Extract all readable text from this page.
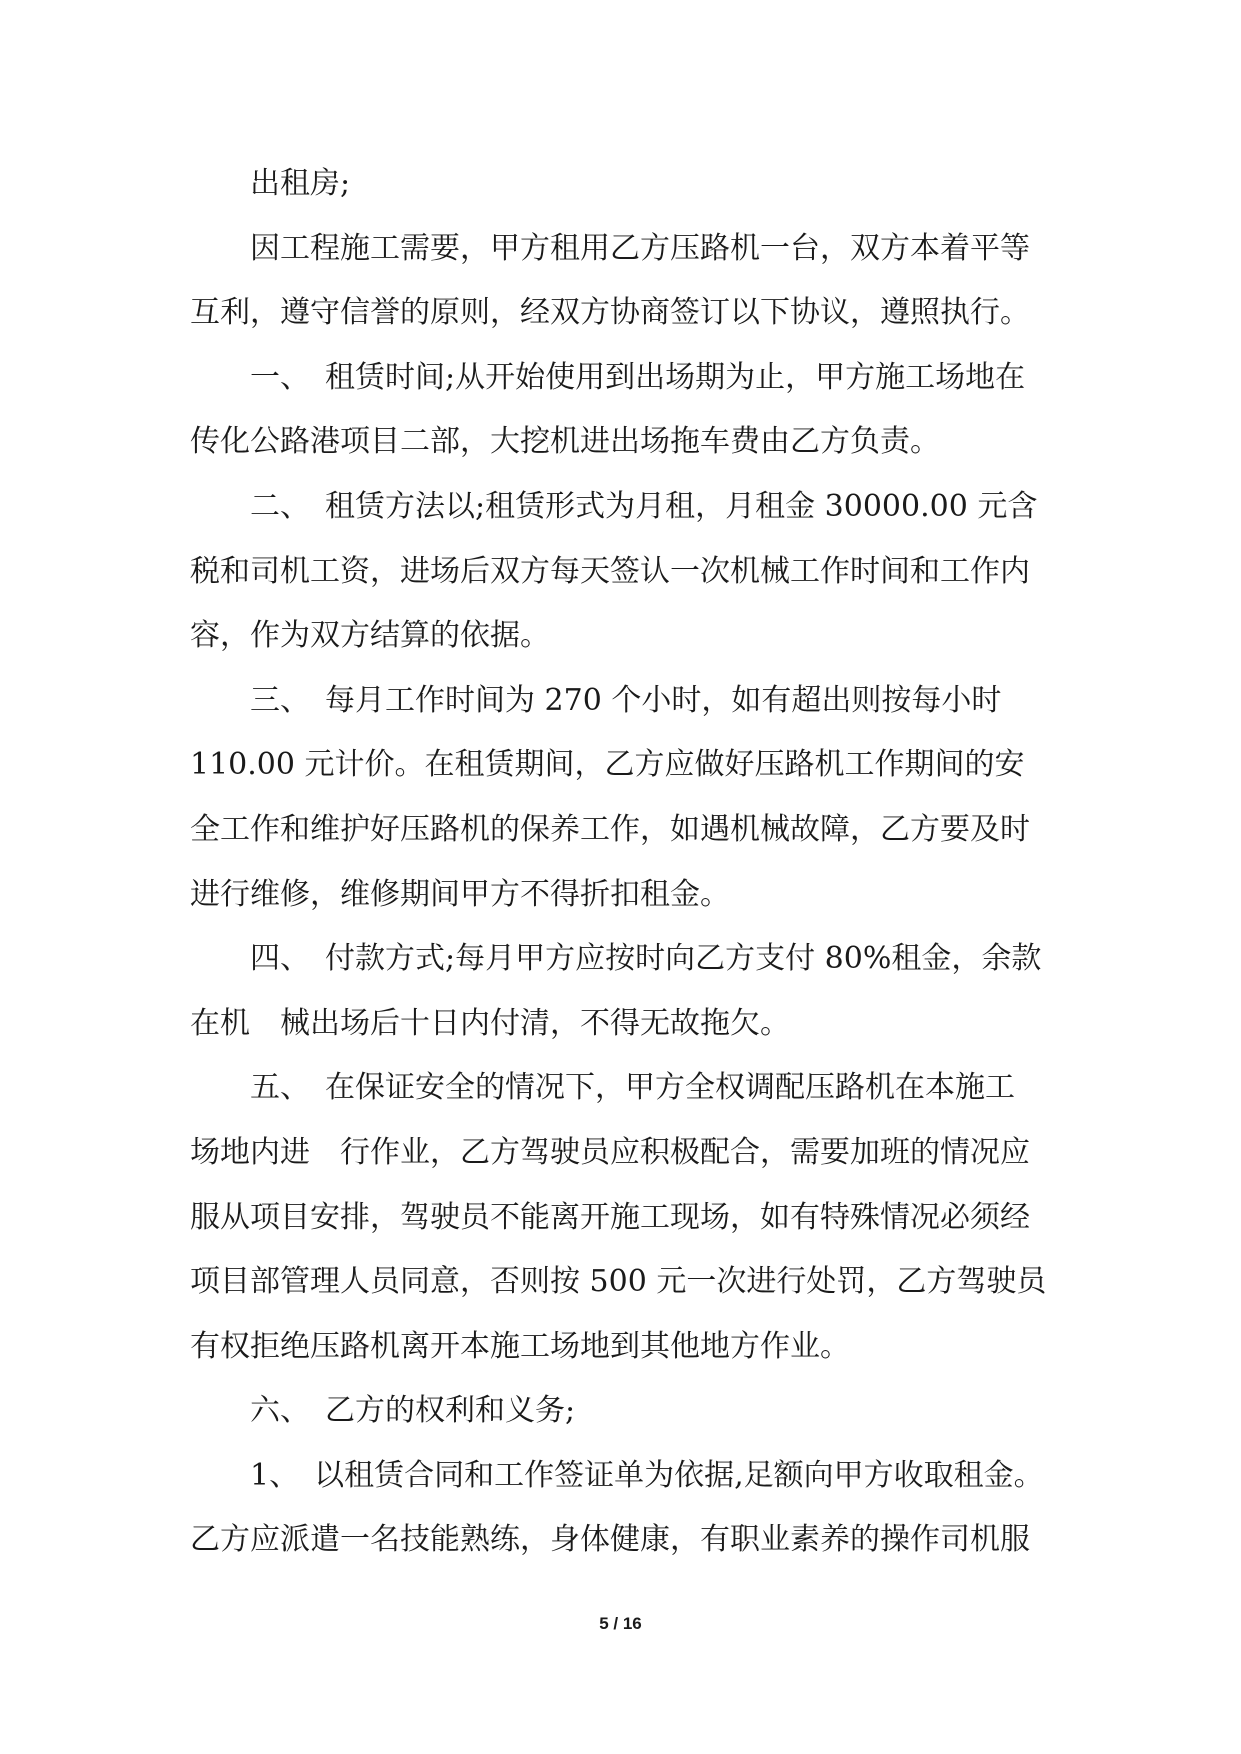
出租房;
因工程施工需要，甲方租用乙方压路机一台，双方本着平等
互利，遵守信誉的原则，经双方协商签订以下协议，遵照执行。
一、　租赁时间;从开始使用到出场期为止，甲方施工场地在
传化公路港项目二部，大挖机进出场拖车费由乙方负责。
二、　租赁方法以;租赁形式为月租，月租金 30000.00 元含
税和司机工资，进场后双方每天签认一次机械工作时间和工作内
容，作为双方结算的依据。
三、　每月工作时间为 270 个小时，如有超出则按每小时
110.00 元计价。在租赁期间，乙方应做好压路机工作期间的安
全工作和维护好压路机的保养工作，如遇机械故障，乙方要及时
进行维修，维修期间甲方不得折扣租金。
四、　付款方式;每月甲方应按时向乙方支付 80%租金，余款
在机　械出场后十日内付清，不得无故拖欠。
五、　在保证安全的情况下，甲方全权调配压路机在本施工
场地内进　行作业，乙方驾驶员应积极配合，需要加班的情况应
服从项目安排，驾驶员不能离开施工现场，如有特殊情况必须经
项目部管理人员同意，否则按 500 元一次进行处罚，乙方驾驶员
有权拒绝压路机离开本施工场地到其他地方作业。
六、　乙方的权利和义务;
1、　以租赁合同和工作签证单为依据,足额向甲方收取租金。
乙方应派遣一名技能熟练，身体健康，有职业素养的操作司机服
5 / 16
